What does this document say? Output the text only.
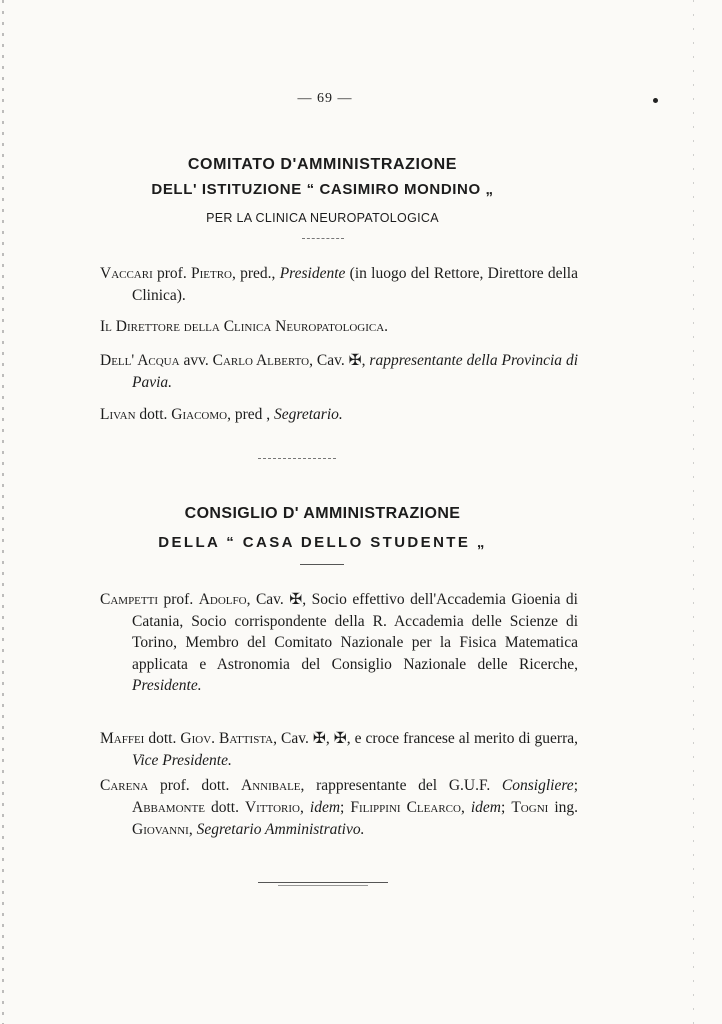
— 69 —
COMITATO D'AMMINISTRAZIONE
DELL' ISTITUZIONE “ CASIMIRO MONDINO „
PER LA CLINICA NEUROPATOLOGICA
Vaccari prof. Pietro, pred., Presidente (in luogo del Rettore, Direttore della Clinica).
Il Direttore della Clinica Neuropatologica.
Dell' Acqua avv. Carlo Alberto, Cav. ✠, rappresentante della Provincia di Pavia.
Livan dott. Giacomo, pred , Segretario.
CONSIGLIO D' AMMINISTRAZIONE
DELLA “ CASA DELLO STUDENTE „
Campetti prof. Adolfo, Cav. ✠, Socio effettivo dell'Accademia Gioenia di Catania, Socio corrispondente della R. Accademia delle Scienze di Torino, Membro del Comitato Nazionale per la Fisica Matematica applicata e Astronomia del Consiglio Nazionale delle Ricerche, Presidente.
Maffei dott. Giov. Battista, Cav. ✠, ✠, e croce francese al merito di guerra, Vice Presidente.
Carena prof. dott. Annibale, rappresentante del G.U.F. Consigliere; Abbamonte dott. Vittorio, idem; Filippini Clearco, idem; Togni ing. Giovanni, Segretario Amministrativo.
